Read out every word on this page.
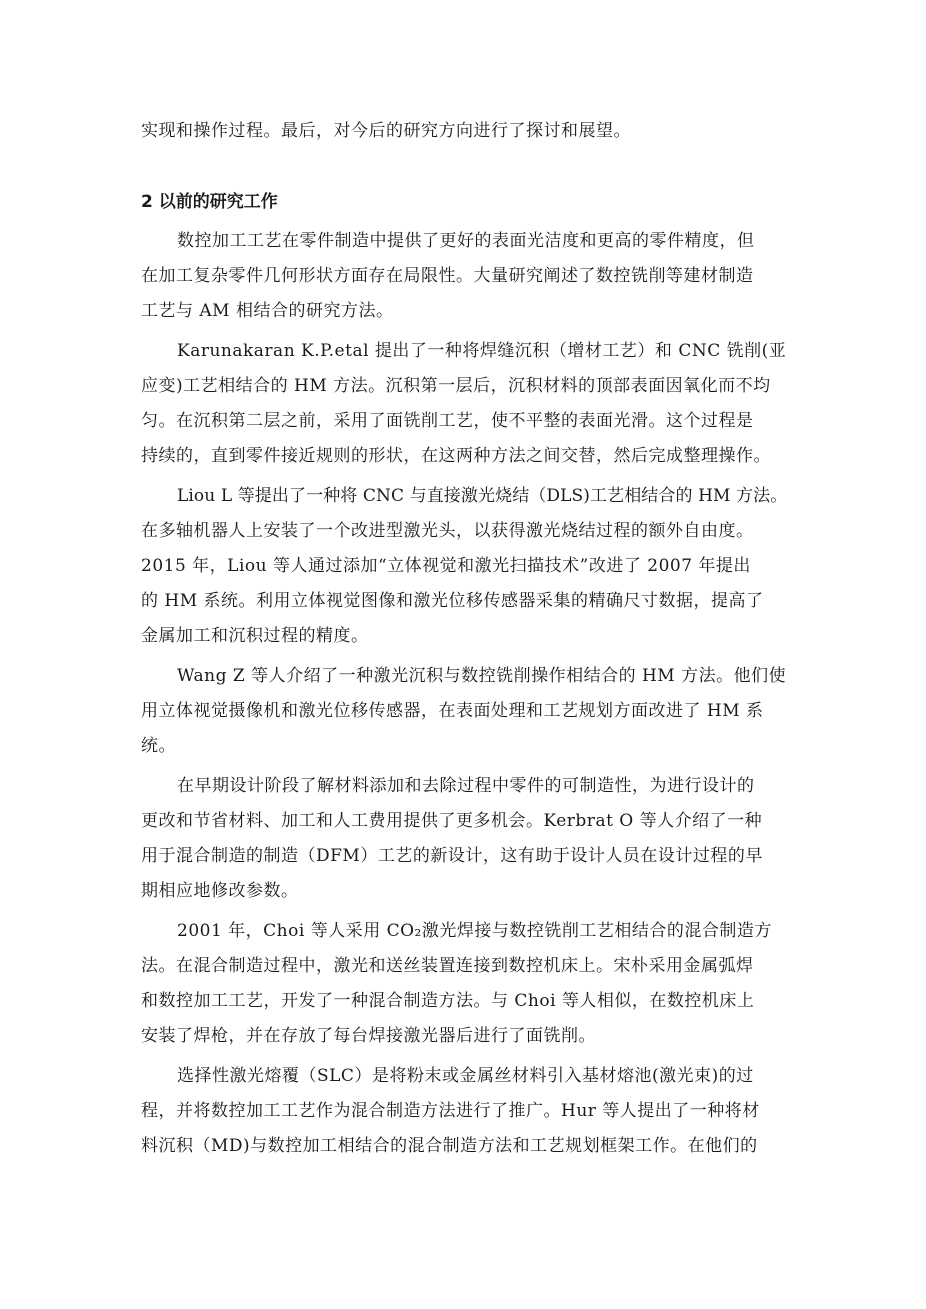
实现和操作过程。最后，对今后的研究方向进行了探讨和展望。
2 以前的研究工作
数控加工工艺在零件制造中提供了更好的表面光洁度和更高的零件精度，但
在加工复杂零件几何形状方面存在局限性。大量研究阐述了数控铣削等建材制造
工艺与 AM 相结合的研究方法。
Karunakaran K.P.etal 提出了一种将焊缝沉积（增材工艺）和 CNC 铣削(亚
应变)工艺相结合的 HM 方法。沉积第一层后，沉积材料的顶部表面因氧化而不均
匀。在沉积第二层之前，采用了面铣削工艺，使不平整的表面光滑。这个过程是
持续的，直到零件接近规则的形状，在这两种方法之间交替，然后完成整理操作。
Liou L 等提出了一种将 CNC 与直接激光烧结（DLS)工艺相结合的 HM 方法。
在多轴机器人上安装了一个改进型激光头，以获得激光烧结过程的额外自由度。
2015 年，Liou 等人通过添加“立体视觉和激光扫描技术”改进了 2007 年提出
的 HM 系统。利用立体视觉图像和激光位移传感器采集的精确尺寸数据，提高了
金属加工和沉积过程的精度。
Wang Z 等人介绍了一种激光沉积与数控铣削操作相结合的 HM 方法。他们使
用立体视觉摄像机和激光位移传感器，在表面处理和工艺规划方面改进了 HM 系
统。
在早期设计阶段了解材料添加和去除过程中零件的可制造性，为进行设计的
更改和节省材料、加工和人工费用提供了更多机会。Kerbrat O 等人介绍了一种
用于混合制造的制造（DFM）工艺的新设计，这有助于设计人员在设计过程的早
期相应地修改参数。
2001 年，Choi 等人采用 CO₂激光焊接与数控铣削工艺相结合的混合制造方
法。在混合制造过程中，激光和送丝装置连接到数控机床上。宋朴采用金属弧焊
和数控加工工艺，开发了一种混合制造方法。与 Choi 等人相似，在数控机床上
安装了焊枪，并在存放了每台焊接激光器后进行了面铣削。
选择性激光熔覆（SLC）是将粉末或金属丝材料引入基材熔池(激光束)的过
程，并将数控加工工艺作为混合制造方法进行了推广。Hur 等人提出了一种将材
料沉积（MD)与数控加工相结合的混合制造方法和工艺规划框架工作。在他们的
